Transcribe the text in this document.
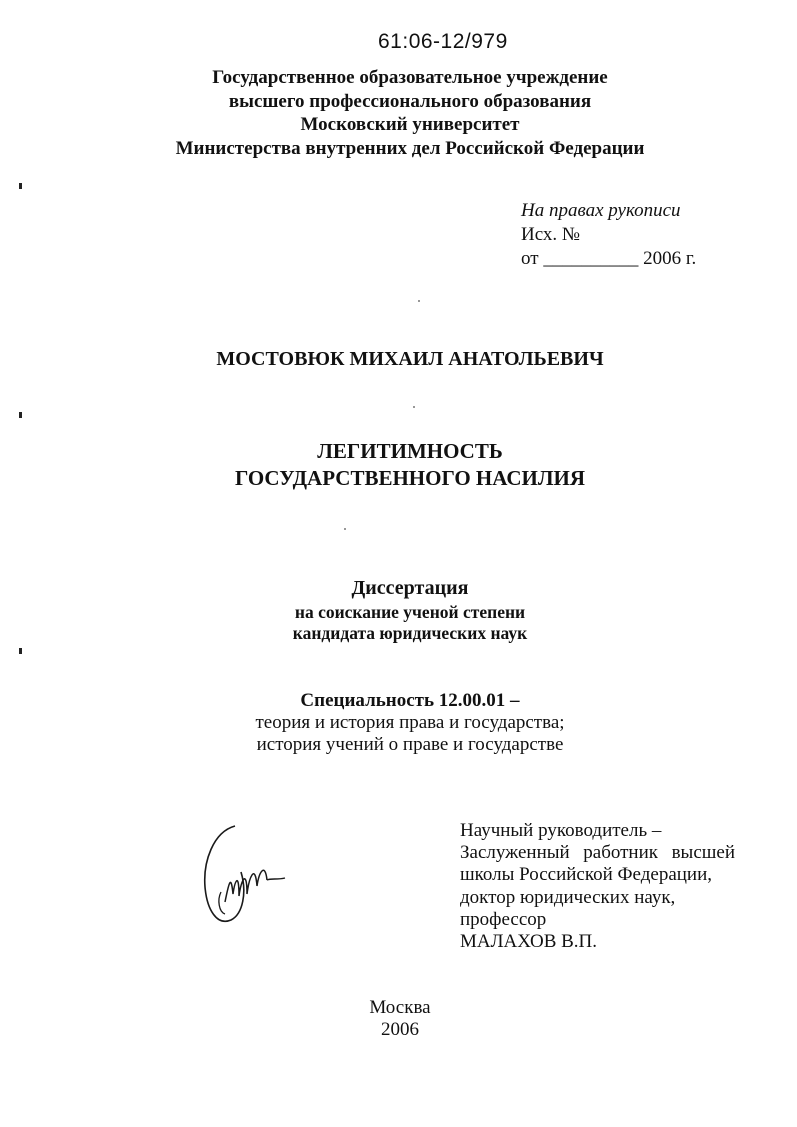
61:06-12/979
Государственное образовательное учреждение
высшего профессионального образования
Московский университет
Министерства внутренних дел Российской Федерации
На правах рукописи
Исх. №
от __________ 2006 г.
МОСТОВЮК МИХАИЛ АНАТОЛЬЕВИЧ
ЛЕГИТИМНОСТЬ
ГОСУДАРСТВЕННОГО НАСИЛИЯ
Диссертация
на соискание ученой степени
кандидата юридических наук
Специальность 12.00.01 –
теория и история права и государства;
история учений о праве и государстве
Научный руководитель –
Заслуженный работник высшей
школы Российской Федерации,
доктор юридических наук,
профессор
МАЛАХОВ В.П.
Москва
2006
